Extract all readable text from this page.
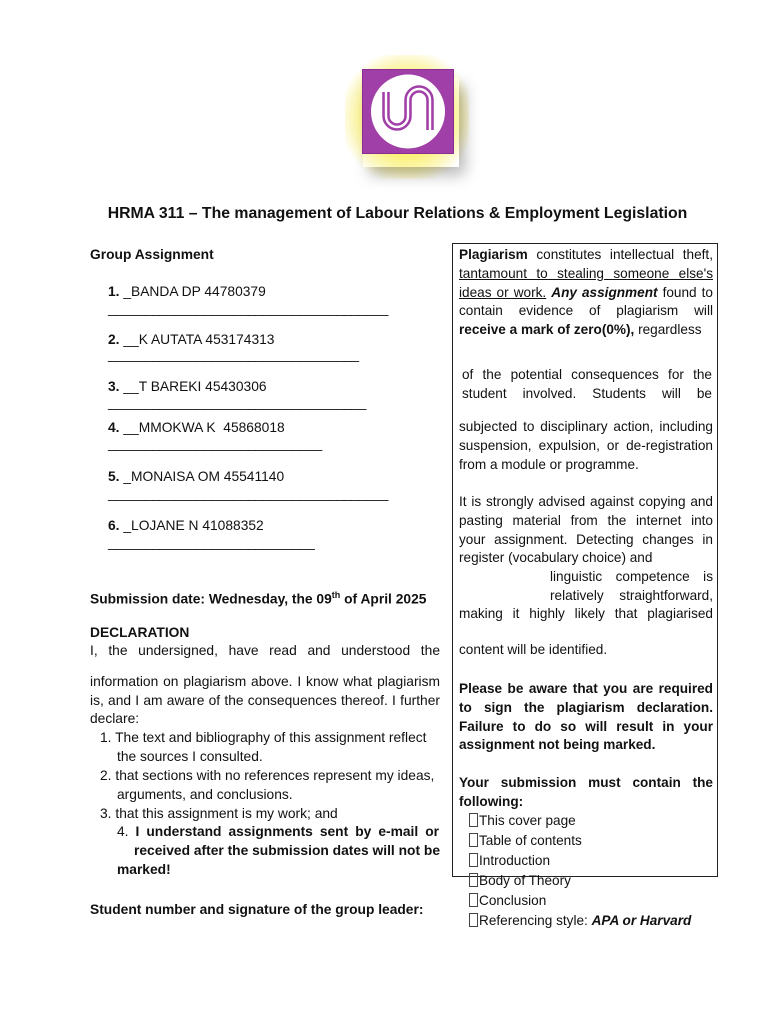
HRMA 311 – The management of Labour Relations & Employment Legislation
Group Assignment
1. _BANDA DP 44780379
______________________________________
2. __K AUTATA 453174313
__________________________________
3. __T BAREKI 45430306
___________________________________
4. __MMOKWA K  45868018
_____________________________
5. _MONAISA OM 45541140
______________________________________
6. _LOJANE N 41088352
____________________________
Submission date: Wednesday, the 09th of April 2025
DECLARATION
I, the undersigned, have read and understood the
information on plagiarism above. I know what plagiarism is, and I am aware of the consequences thereof. I further declare:
1. The text and bibliography of this assignment reflect
the sources I consulted.
2. that sections with no references represent my ideas,
arguments, and conclusions.
3. that this assignment is my work; and
4. I understand assignments sent by e-mail or
received after the submission dates will not be
marked!
Student number and signature of the group leader:
Plagiarism constitutes intellectual theft, tantamount to stealing someone else's ideas or work. Any assignment found to contain evidence of plagiarism will receive a mark of zero(0%), regardless
of the potential consequences for the student involved. Students will be
subjected to disciplinary action, including suspension, expulsion, or de-registration from a module or programme.
It is strongly advised against copying and pasting material from the internet into your assignment. Detecting changes in register (vocabulary choice) and
linguistic competence is relatively straightforward,
making it highly likely that plagiarised
content will be identified.
Please be aware that you are required to sign the plagiarism declaration. Failure to do so will result in your assignment not being marked.
Your submission must contain the following:
This cover page
Table of contents
Introduction
Body of Theory
Conclusion
Referencing style: APA or Harvard
